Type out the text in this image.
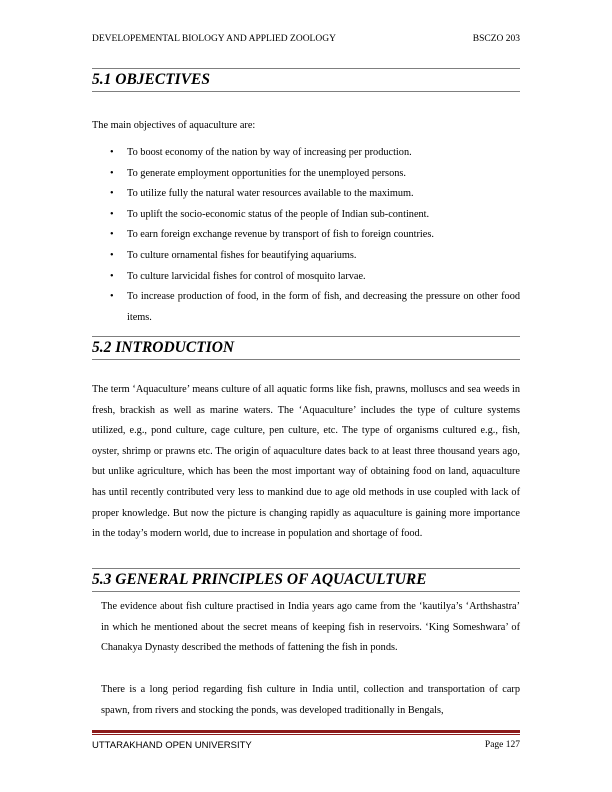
DEVELOPEMENTAL BIOLOGY AND APPLIED ZOOLOGY	BSCZO 203
5.1 OBJECTIVES
The main objectives of aquaculture are:
• To boost economy of the nation by way of increasing per production.
• To generate employment opportunities for the unemployed persons.
• To utilize fully the natural water resources available to the maximum.
• To uplift the socio-economic status of the people of Indian sub-continent.
• To earn foreign exchange revenue by transport of fish to foreign countries.
• To culture ornamental fishes for beautifying aquariums.
• To culture larvicidal fishes for control of mosquito larvae.
• To increase production of food, in the form of fish, and decreasing the pressure on other food items.
5.2 INTRODUCTION
The term ‘Aquaculture’ means culture of all aquatic forms like fish, prawns, molluscs and sea weeds in fresh, brackish as well as marine waters. The ‘Aquaculture’ includes the type of culture systems utilized, e.g., pond culture, cage culture, pen culture, etc. The type of organisms cultured e.g., fish, oyster, shrimp or prawns etc. The origin of aquaculture dates back to at least three thousand years ago, but unlike agriculture, which has been the most important way of obtaining food on land, aquaculture has until recently contributed very less to mankind due to age old methods in use coupled with lack of proper knowledge. But now the picture is changing rapidly as aquaculture is gaining more importance in the today’s modern world, due to increase in population and shortage of food.
5.3 GENERAL PRINCIPLES OF AQUACULTURE
The evidence about fish culture practised in India years ago came from the ‘kautilya’s ‘Arthshastra’ in which he mentioned about the secret means of keeping fish in reservoirs. ‘King Someshwara’ of Chanakya Dynasty described the methods of fattening the fish in ponds.
There is a long period regarding fish culture in India until, collection and transportation of carp spawn, from rivers and stocking the ponds, was developed traditionally in Bengals,
UTTARAKHAND OPEN UNIVERSITY	Page 127
